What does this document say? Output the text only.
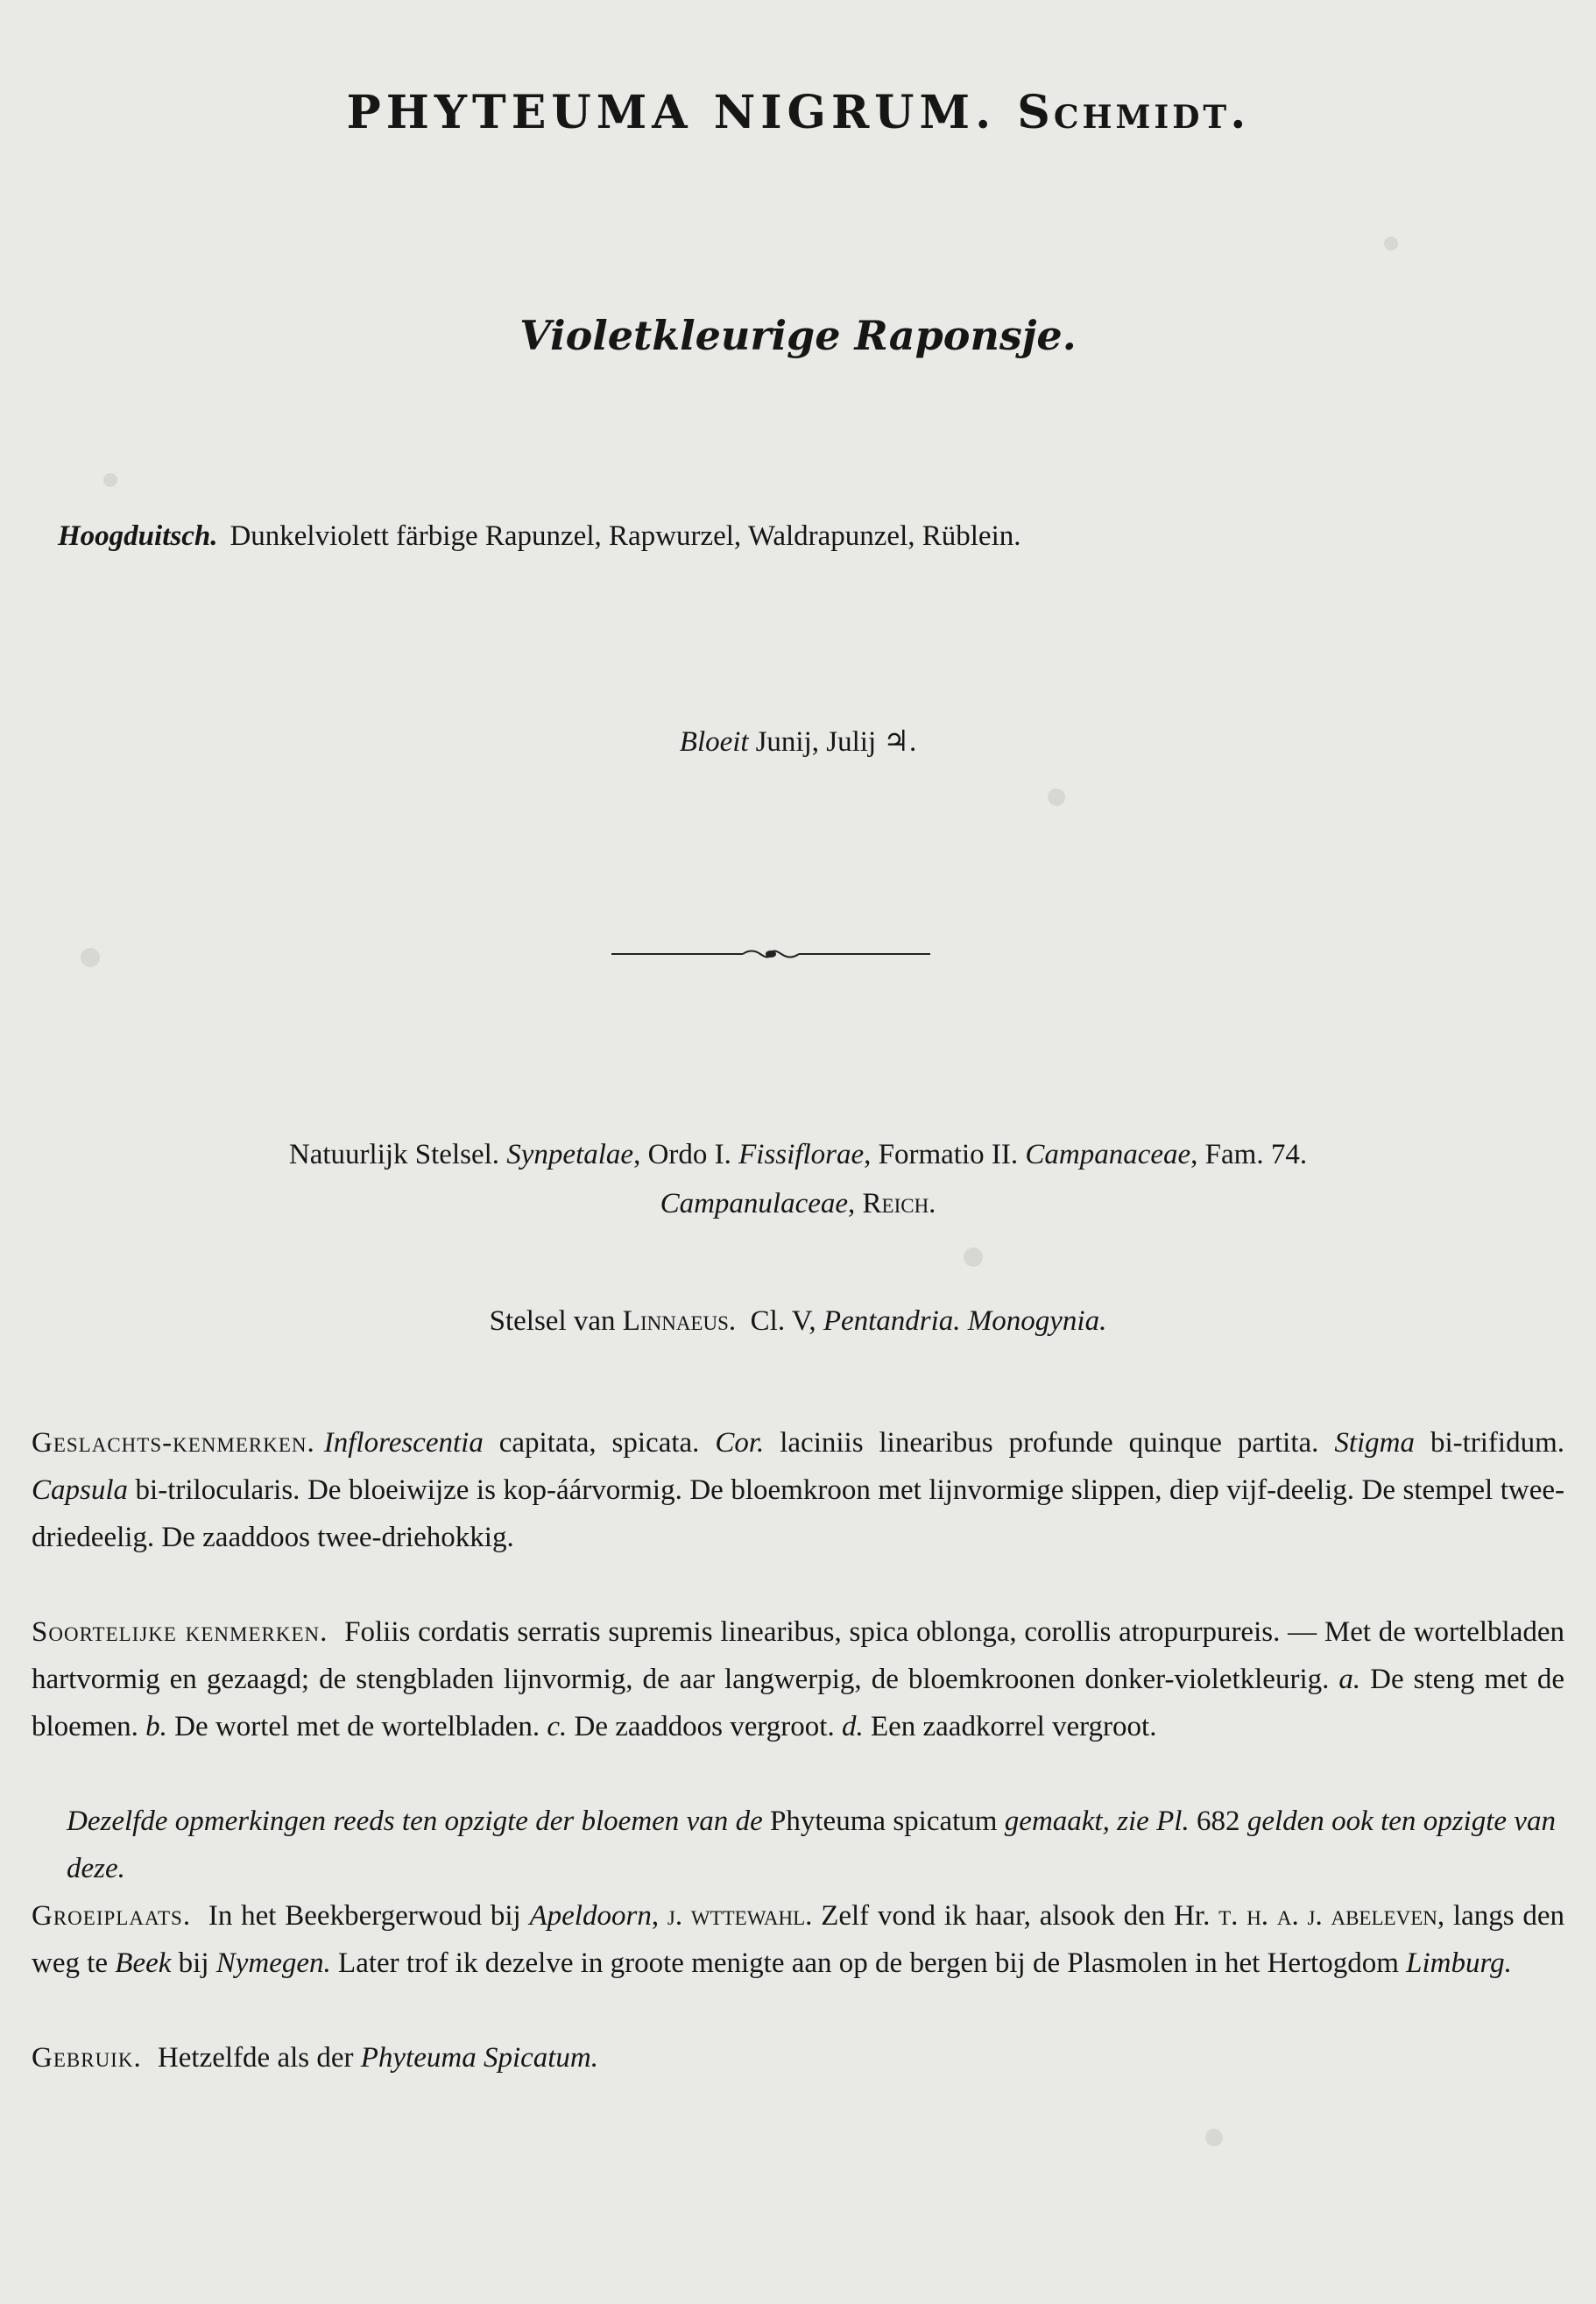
PHYTEUMA NIGRUM. Schmidt.
Violetkleurige Raponsje.
Hoogduitsch. Dunkelviolett färbige Rapunzel, Rapwurzel, Waldrapunzel, Rüblein.
Bloeit Junij, Julij ♃.
Natuurlijk Stelsel. Synpetalae, Ordo I. Fissiflorae, Formatio II. Campanaceae, Fam. 74.
Campanulaceae, Reich.
Stelsel van Linnaeus. Cl. V, Pentandria. Monogynia.
Geslachts-kenmerken. Inflorescentia capitata, spicata. Cor. laciniis linearibus profunde quinque partita. Stigma bi-trifidum. Capsula bi-trilocularis. De bloeiwijze is kop-áárvormig. De bloemkroon met lijnvormige slippen, diep vijf-deelig. De stempel twee-driedeelig. De zaaddoos twee-driehokkig.
Soortelijke kenmerken. Foliis cordatis serratis supremis linearibus, spica oblonga, corollis atropurpureis. — Met de wortelbladen hartvormig en gezaagd; de stengbladen lijnvormig, de aar langwerpig, de bloemkroonen donker-violetkleurig. a. De steng met de bloemen. b. De wortel met de wortelbladen. c. De zaaddoos vergroot. d. Een zaadkorrel vergroot.
Dezelfde opmerkingen reeds ten opzigte der bloemen van de Phyteuma spicatum gemaakt, zie Pl. 682 gelden ook ten opzigte van deze.
Groeiplaats. In het Beekbergerwoud bij Apeldoorn, j. wttewahl. Zelf vond ik haar, alsook den Hr. t. h. a. j. abeleven, langs den weg te Beek bij Nymegen. Later trof ik dezelve in groote menigte aan op de bergen bij de Plasmolen in het Hertogdom Limburg.
Gebruik. Hetzelfde als der Phyteuma Spicatum.
